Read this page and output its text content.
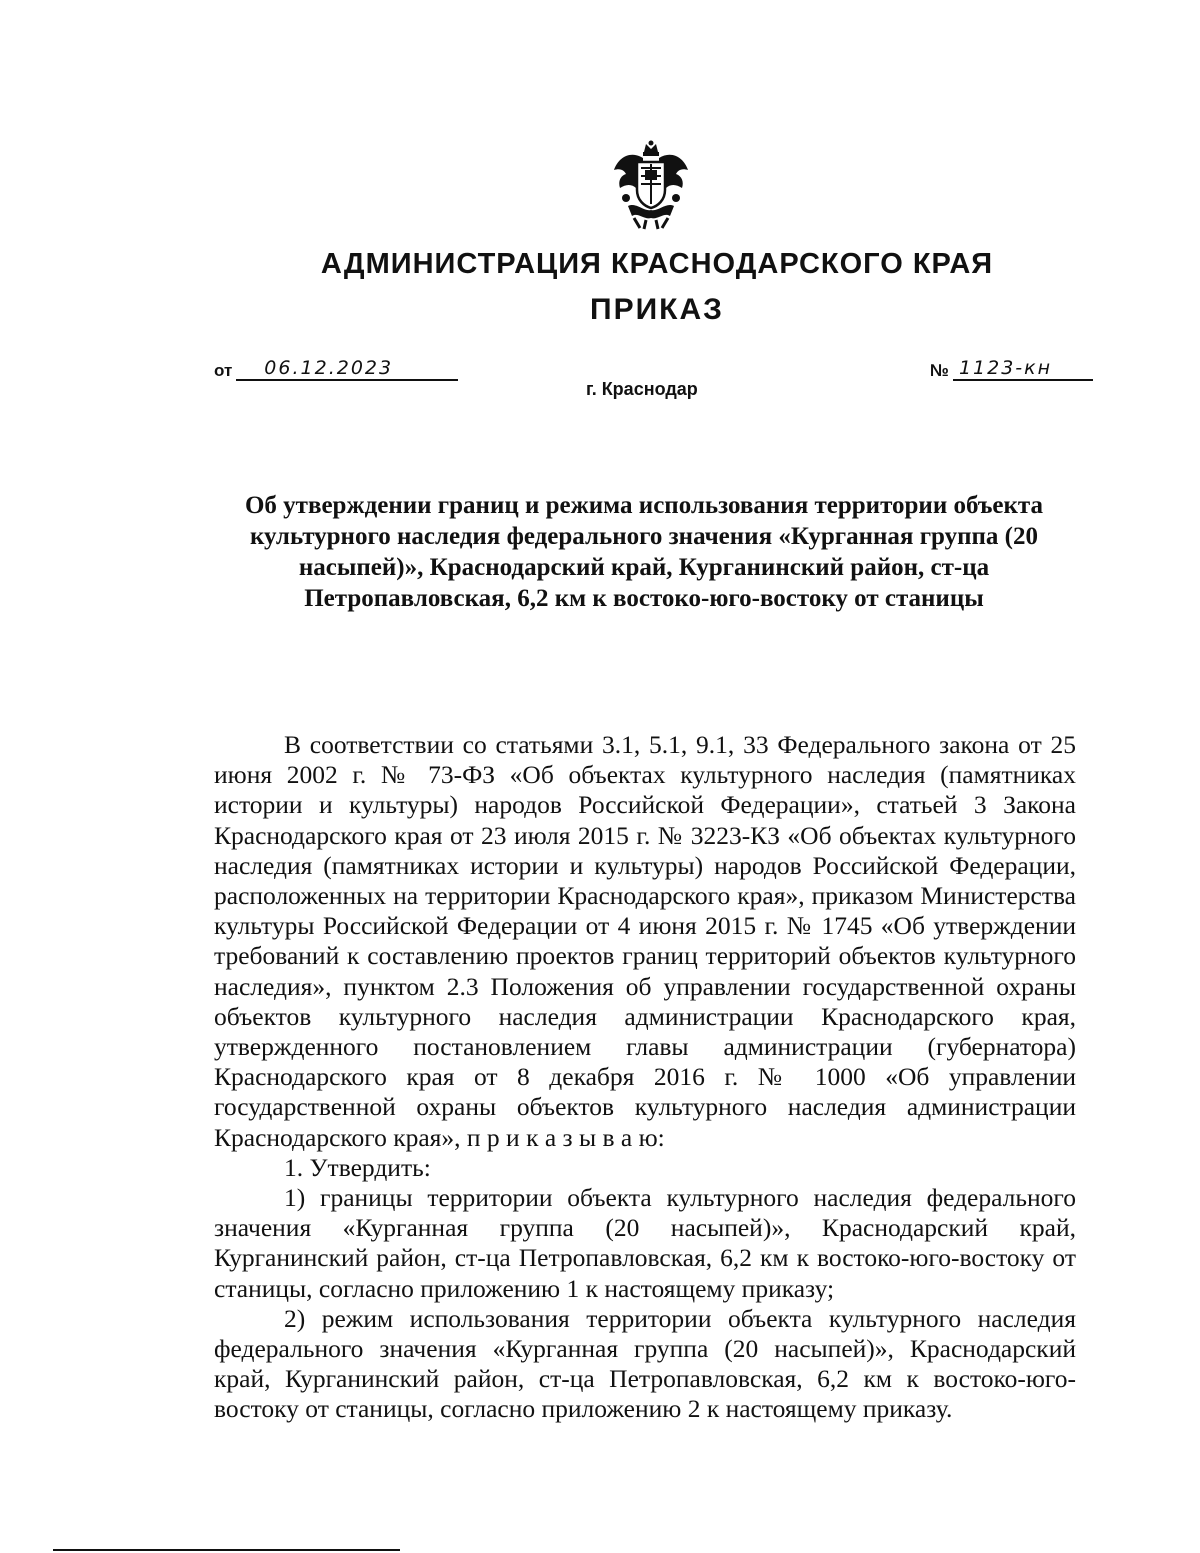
АДМИНИСТРАЦИЯ КРАСНОДАРСКОГО КРАЯ
ПРИКАЗ
от 06.12.2023	№ 1123-кн

г. Краснодар

Об утверждении границ и режима использования территории объекта культурного наследия федерального значения «Курганная группа (20 насыпей)», Краснодарский край, Курганинский район, ст-ца Петропавловская, 6,2 км к востоко-юго-востоку от станицы

В соответствии со статьями 3.1, 5.1, 9.1, 33 Федерального закона от 25 июня 2002 г. № 73-ФЗ «Об объектах культурного наследия (памятниках истории и культуры) народов Российской Федерации», статьей 3 Закона Краснодарского края от 23 июля 2015 г. № 3223-КЗ «Об объектах культурного наследия (памятниках истории и культуры) народов Российской Федерации, расположенных на территории Краснодарского края», приказом Министерства культуры Российской Федерации от 4 июня 2015 г. № 1745 «Об утверждении требований к составлению проектов границ территорий объектов культурного наследия», пунктом 2.3 Положения об управлении государственной охраны объектов культурного наследия администрации Краснодарского края, утвержденного постановлением главы администрации (губернатора) Краснодарского края от 8 декабря 2016 г. № 1000 «Об управлении государственной охраны объектов культурного наследия администрации Краснодарского края», п р и к а з ы в а ю:

1. Утвердить:

1) границы территории объекта культурного наследия федерального значения «Курганная группа (20 насыпей)», Краснодарский край, Курганинский район, ст-ца Петропавловская, 6,2 км к востоко-юго-востоку от станицы, согласно приложению 1 к настоящему приказу;

2) режим использования территории объекта культурного наследия федерального значения «Курганная группа (20 насыпей)», Краснодарский край, Курганинский район, ст-ца Петропавловская, 6,2 км к востоко-юго-востоку от станицы, согласно приложению 2 к настоящему приказу.
